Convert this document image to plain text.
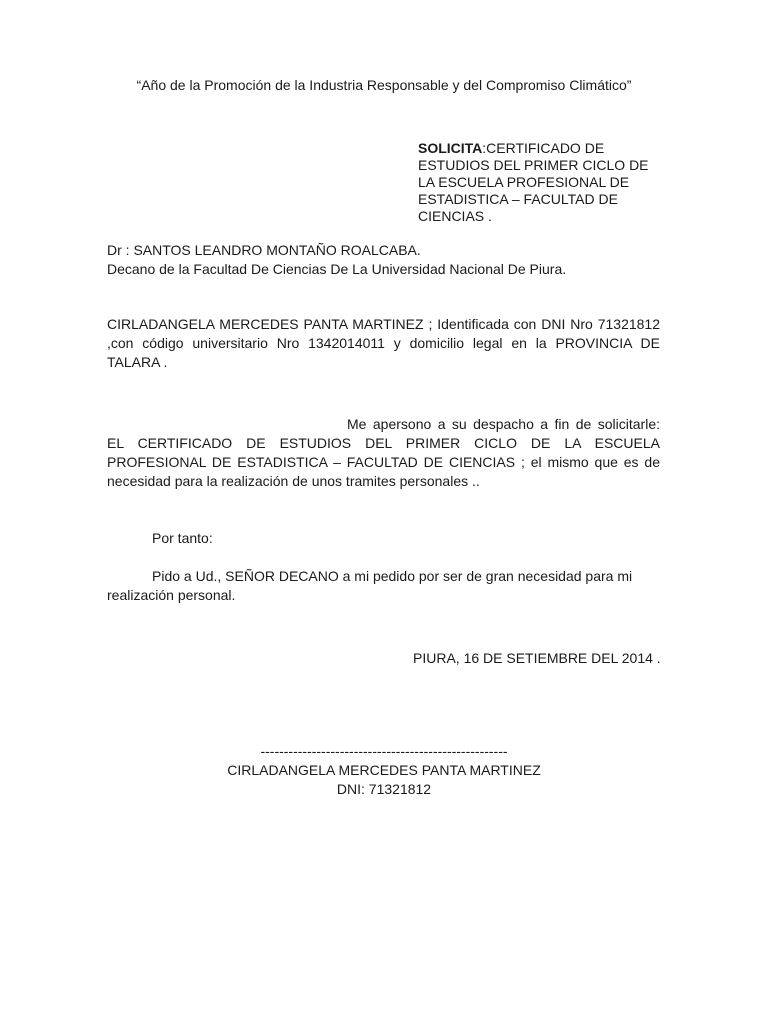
“Año de la Promoción de la Industria Responsable y del Compromiso Climático”

SOLICITA:CERTIFICADO DE ESTUDIOS DEL PRIMER CICLO DE LA ESCUELA PROFESIONAL DE ESTADISTICA – FACULTAD DE CIENCIAS .

Dr : SANTOS LEANDRO MONTAÑO ROALCABA.
Decano de la Facultad De Ciencias De La Universidad Nacional De Piura.

CIRLADANGELA MERCEDES PANTA MARTINEZ ; Identificada con DNI Nro 71321812 ,con código universitario Nro 1342014011 y domicilio legal en la PROVINCIA DE TALARA .

Me apersono a su despacho a fin de solicitarle: EL CERTIFICADO DE ESTUDIOS DEL PRIMER CICLO DE LA ESCUELA PROFESIONAL DE ESTADISTICA – FACULTAD DE CIENCIAS ; el mismo que es de necesidad para la realización de unos tramites personales ..

Por tanto:

Pido a Ud., SEÑOR DECANO a mi pedido por ser de gran necesidad para mi realización personal.

PIURA, 16 DE SETIEMBRE DEL 2014 .

-----------------------------------------------------
CIRLADANGELA MERCEDES PANTA MARTINEZ
DNI: 71321812
